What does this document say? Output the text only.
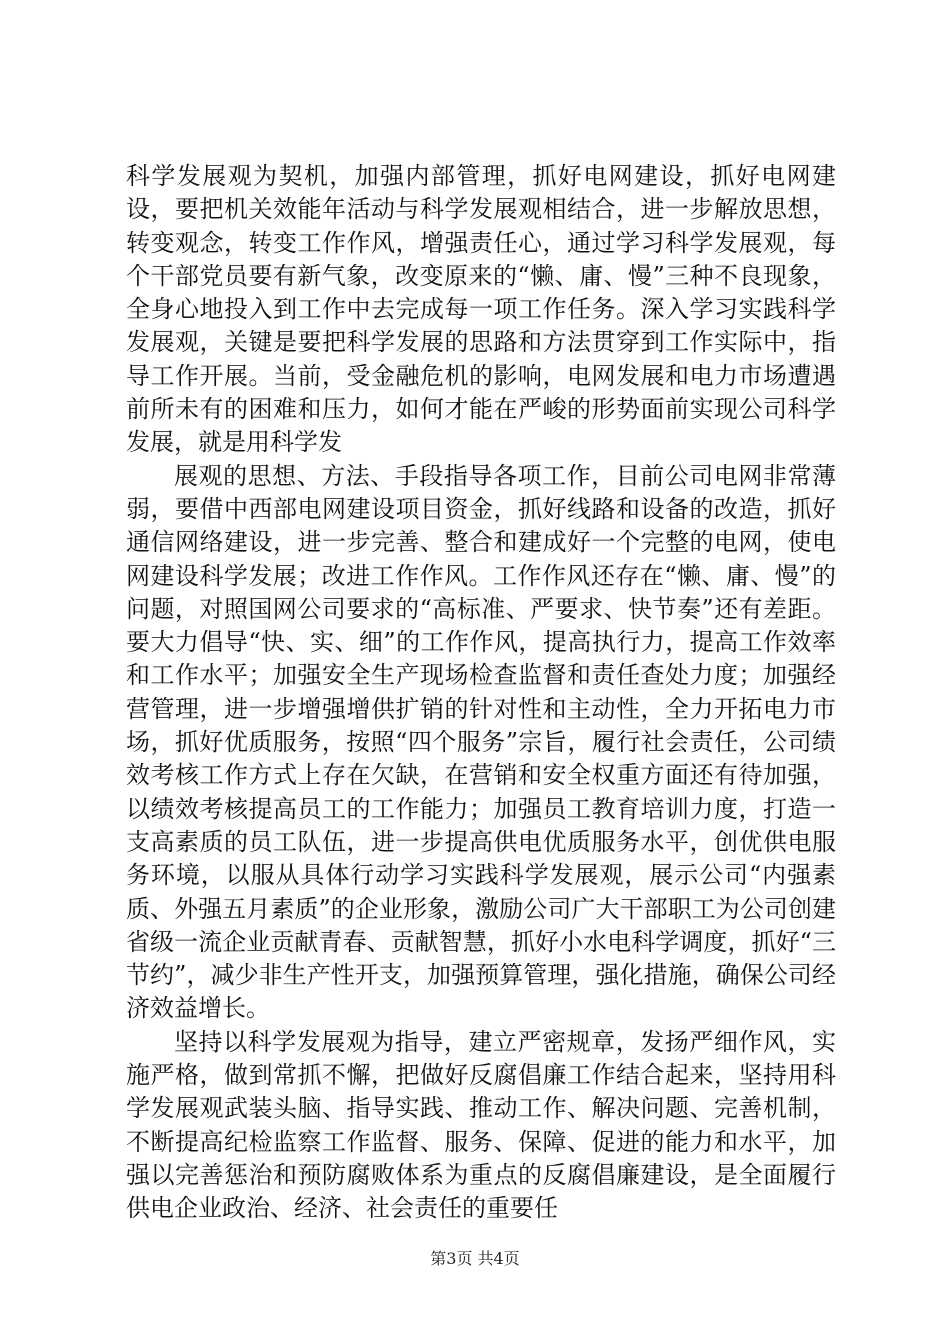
科学发展观为契机，加强内部管理，抓好电网建设，抓好电网建设，要把机关效能年活动与科学发展观相结合，进一步解放思想，转变观念，转变工作作风，增强责任心，通过学习科学发展观，每个干部党员要有新气象，改变原来的“懒、庸、慢”三种不良现象，全身心地投入到工作中去完成每一项工作任务。深入学习实践科学发展观，关键是要把科学发展的思路和方法贯穿到工作实际中，指导工作开展。当前，受金融危机的影响，电网发展和电力市场遭遇前所未有的困难和压力，如何才能在严峻的形势面前实现公司科学发展，就是用科学发

展观的思想、方法、手段指导各项工作，目前公司电网非常薄弱，要借中西部电网建设项目资金，抓好线路和设备的改造，抓好通信网络建设，进一步完善、整合和建成好一个完整的电网，使电网建设科学发展；改进工作作风。工作作风还存在“懒、庸、慢”的问题，对照国网公司要求的“高标准、严要求、快节奏”还有差距。要大力倡导“快、实、细”的工作作风，提高执行力，提高工作效率和工作水平；加强安全生产现场检查监督和责任查处力度；加强经营管理，进一步增强增供扩销的针对性和主动性，全力开拓电力市场，抓好优质服务，按照“四个服务”宗旨，履行社会责任，公司绩效考核工作方式上存在欠缺，在营销和安全权重方面还有待加强，以绩效考核提高员工的工作能力；加强员工教育培训力度，打造一支高素质的员工队伍，进一步提高供电优质服务水平，创优供电服务环境，以服从具体行动学习实践科学发展观，展示公司“内强素质、外强五月素质”的企业形象，激励公司广大干部职工为公司创建省级一流企业贡献青春、贡献智慧，抓好小水电科学调度，抓好“三节约”，减少非生产性开支，加强预算管理，强化措施，确保公司经济效益增长。

坚持以科学发展观为指导，建立严密规章，发扬严细作风，实施严格，做到常抓不懈，把做好反腐倡廉工作结合起来，坚持用科学发展观武装头脑、指导实践、推动工作、解决问题、完善机制，不断提高纪检监察工作监督、服务、保障、促进的能力和水平，加强以完善惩治和预防腐败体系为重点的反腐倡廉建设，是全面履行供电企业政治、经济、社会责任的重要任

第3页 共4页
